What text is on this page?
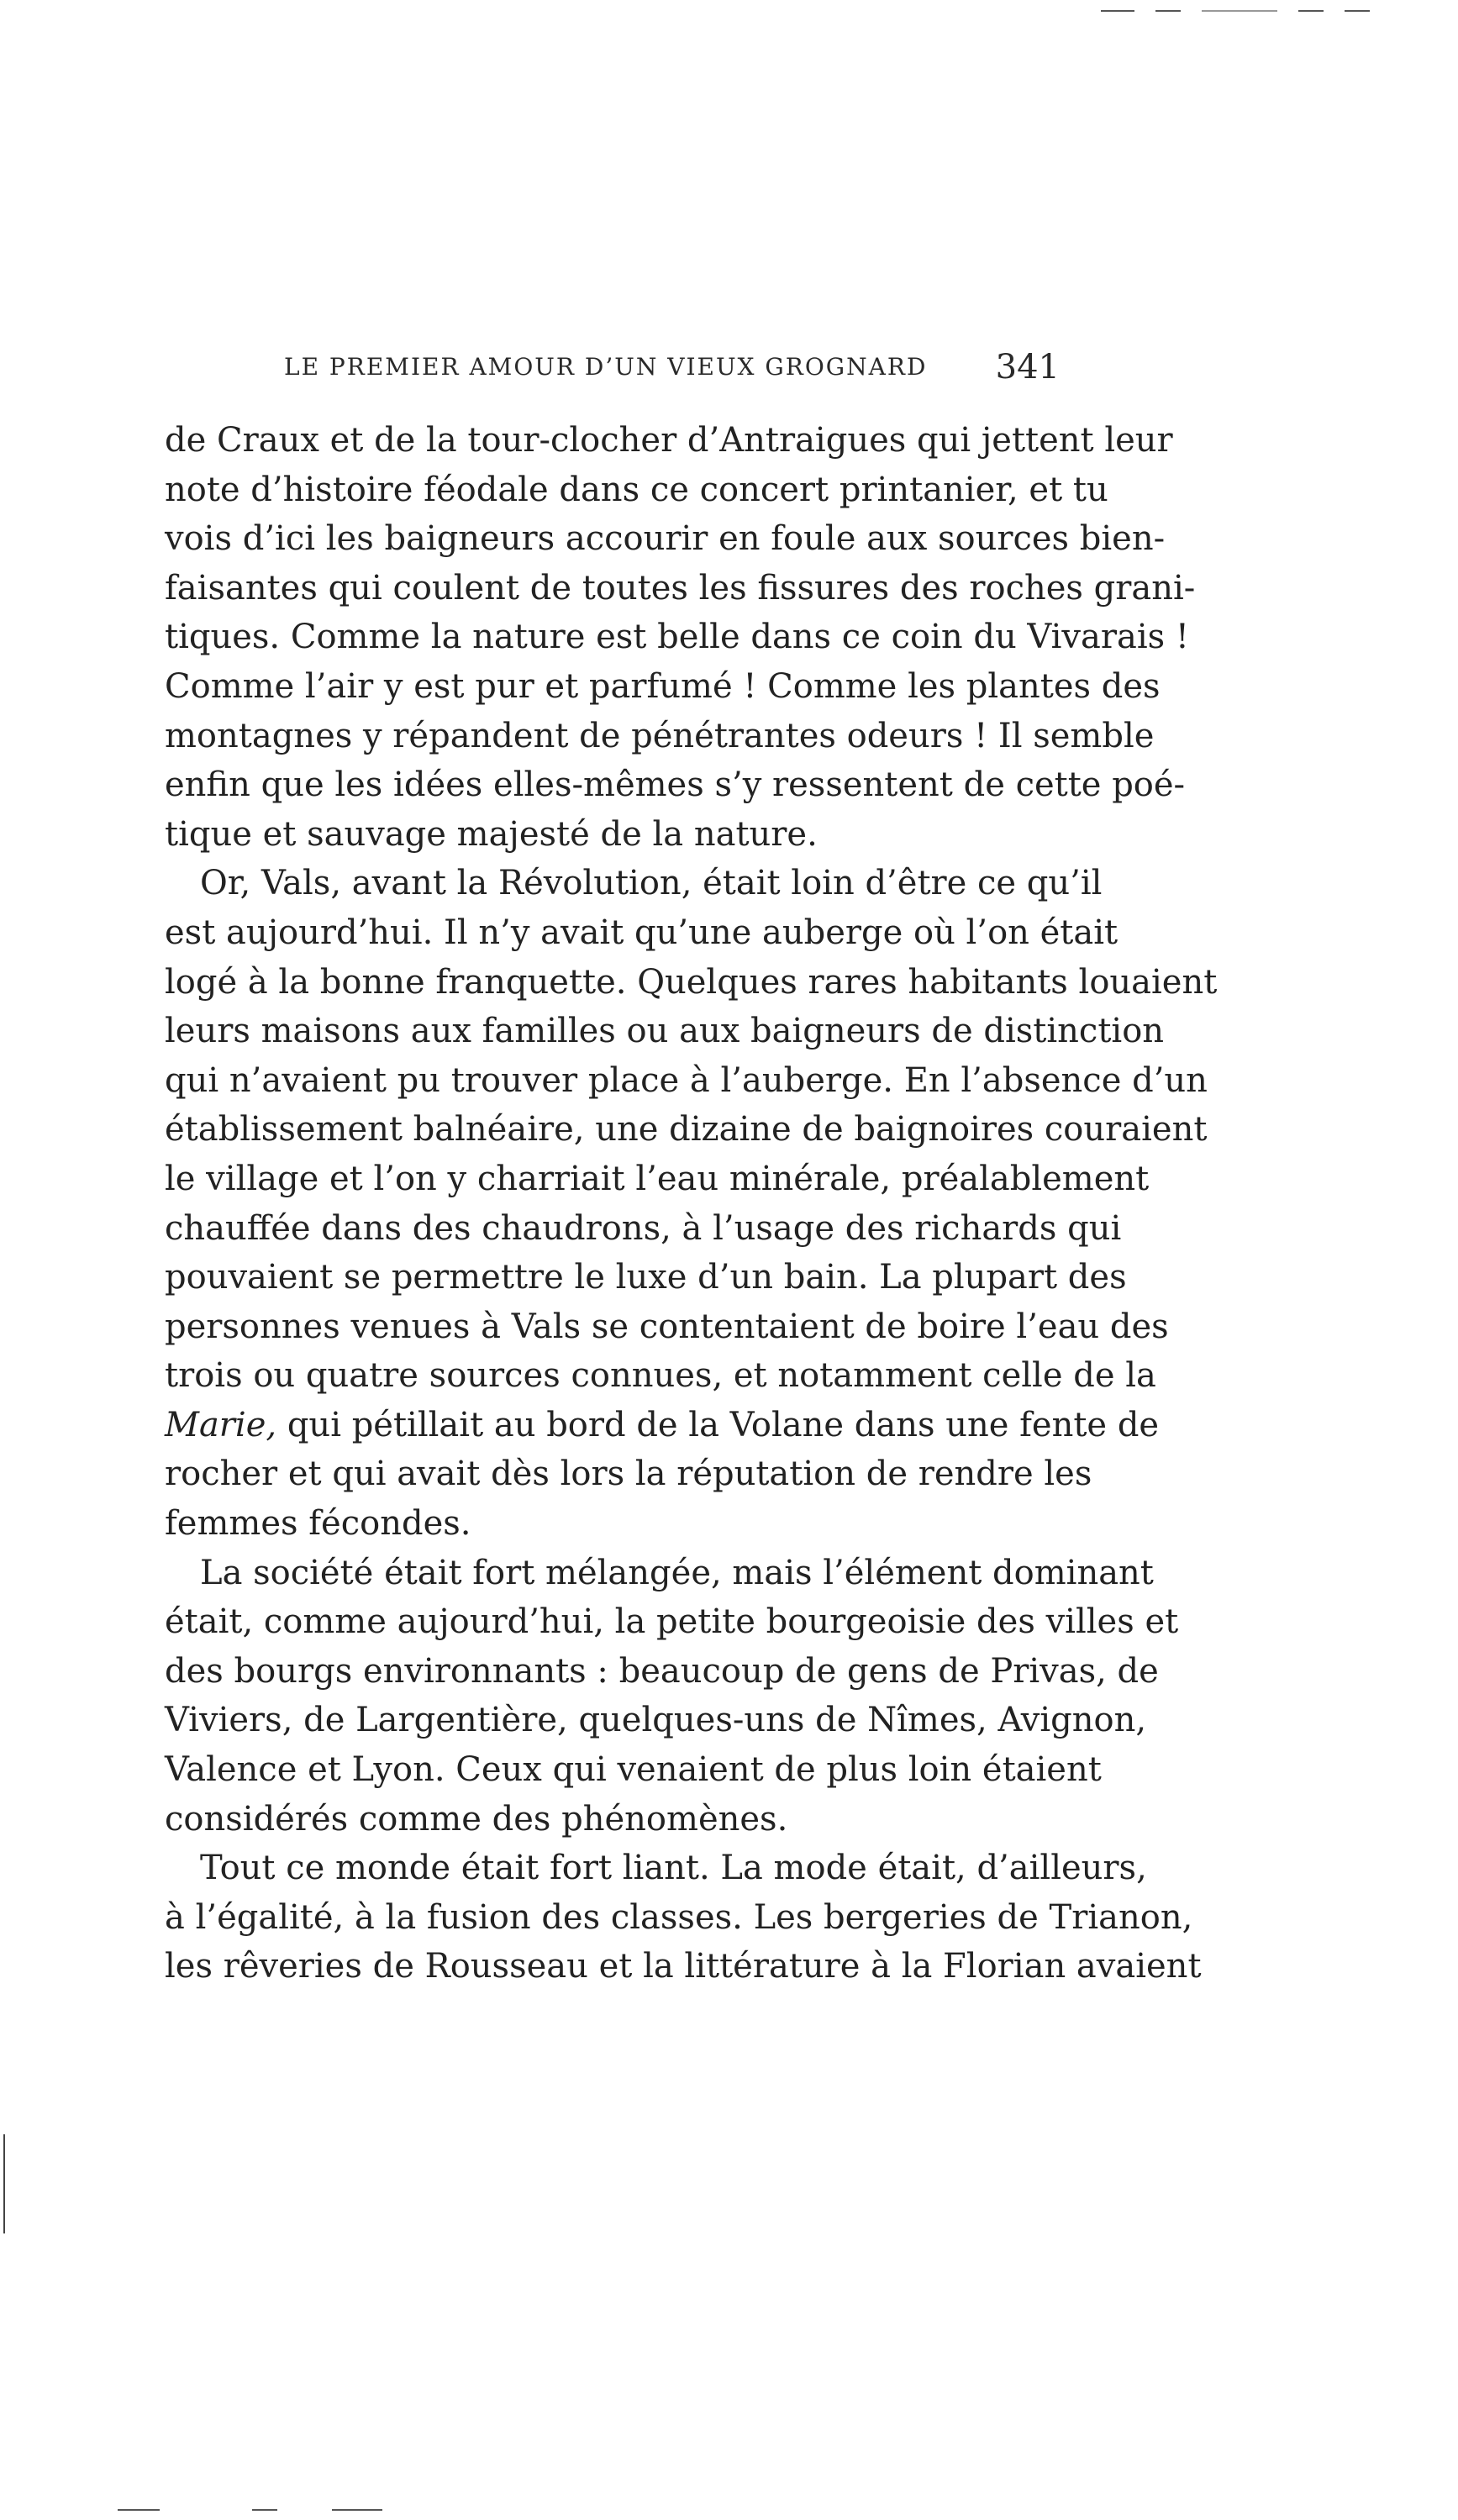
LE PREMIER AMOUR D’UN VIEUX GROGNARD 341
de Craux et de la tour-clocher d’Antraigues qui jettent leur
note d’histoire féodale dans ce concert printanier, et tu
vois d’ici les baigneurs accourir en foule aux sources bien-
faisantes qui coulent de toutes les fissures des roches grani-
tiques. Comme la nature est belle dans ce coin du Vivarais !
Comme l’air y est pur et parfumé ! Comme les plantes des
montagnes y répandent de pénétrantes odeurs ! Il semble
enfin que les idées elles-mêmes s’y ressentent de cette poé-
tique et sauvage majesté de la nature.
Or, Vals, avant la Révolution, était loin d’être ce qu’il
est aujourd’hui. Il n’y avait qu’une auberge où l’on était
logé à la bonne franquette. Quelques rares habitants louaient
leurs maisons aux familles ou aux baigneurs de distinction
qui n’avaient pu trouver place à l’auberge. En l’absence d’un
établissement balnéaire, une dizaine de baignoires couraient
le village et l’on y charriait l’eau minérale, préalablement
chauffée dans des chaudrons, à l’usage des richards qui
pouvaient se permettre le luxe d’un bain. La plupart des
personnes venues à Vals se contentaient de boire l’eau des
trois ou quatre sources connues, et notamment celle de la
Marie, qui pétillait au bord de la Volane dans une fente de
rocher et qui avait dès lors la réputation de rendre les
femmes fécondes.
La société était fort mélangée, mais l’élément dominant
était, comme aujourd’hui, la petite bourgeoisie des villes et
des bourgs environnants : beaucoup de gens de Privas, de
Viviers, de Largentière, quelques-uns de Nîmes, Avignon,
Valence et Lyon. Ceux qui venaient de plus loin étaient
considérés comme des phénomènes.
Tout ce monde était fort liant. La mode était, d’ailleurs,
à l’égalité, à la fusion des classes. Les bergeries de Trianon,
les rêveries de Rousseau et la littérature à la Florian avaient
